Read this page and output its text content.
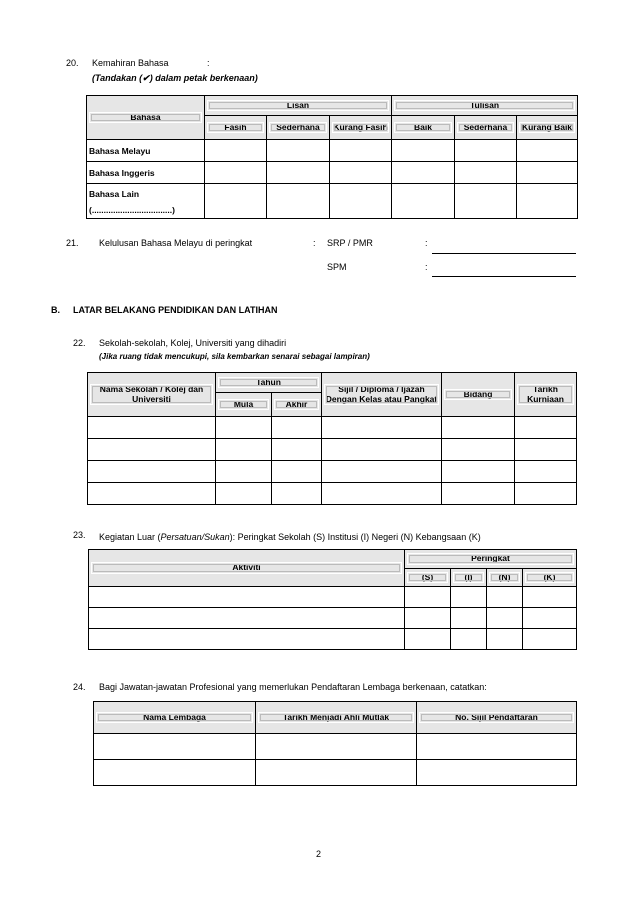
20. Kemahiran Bahasa	:
(Tandakan (✔) dalam petak berkenaan)
Bahasa	Lisan			Tulisan		

Fasih	Sederhana	Kurang Fasih	Baik	Sederhana	Kurang Baik

Bahasa Melayu						
Bahasa Inggeris						

Bahasa Lain
(..................................)						

21. Kelulusan Bahasa Melayu di peringkat	: SRP / PMR	:
SPM	:
B. LATAR BELAKANG PENDIDIKAN DAN LATIHAN
22. Sekolah-sekolah, Kolej, Universiti yang dihadiri
(Jika ruang tidak mencukupi, sila kembarkan senarai sebagai lampiran)
Nama Sekolah / Kolej dan Universiti	Tahun		Sijil / Diploma / Ijazah Dengan Kelas atau Pangkat	Bidang	Tarikh Kurniaan

Mula	Akhir			

23. Kegiatan Luar (Persatuan/Sukan): Peringkat Sekolah (S) Institusi (I) Negeri (N) Kebangsaan (K)
Aktiviti	Peringkat			

(S)	(I)	(N)	(K)

24. Bagi Jawatan-jawatan Profesional yang memerlukan Pendaftaran Lembaga berkenaan, catatkan:
Nama Lembaga	Tarikh Menjadi Ahli Mutlak	No. Sijil Pendaftaran

2
